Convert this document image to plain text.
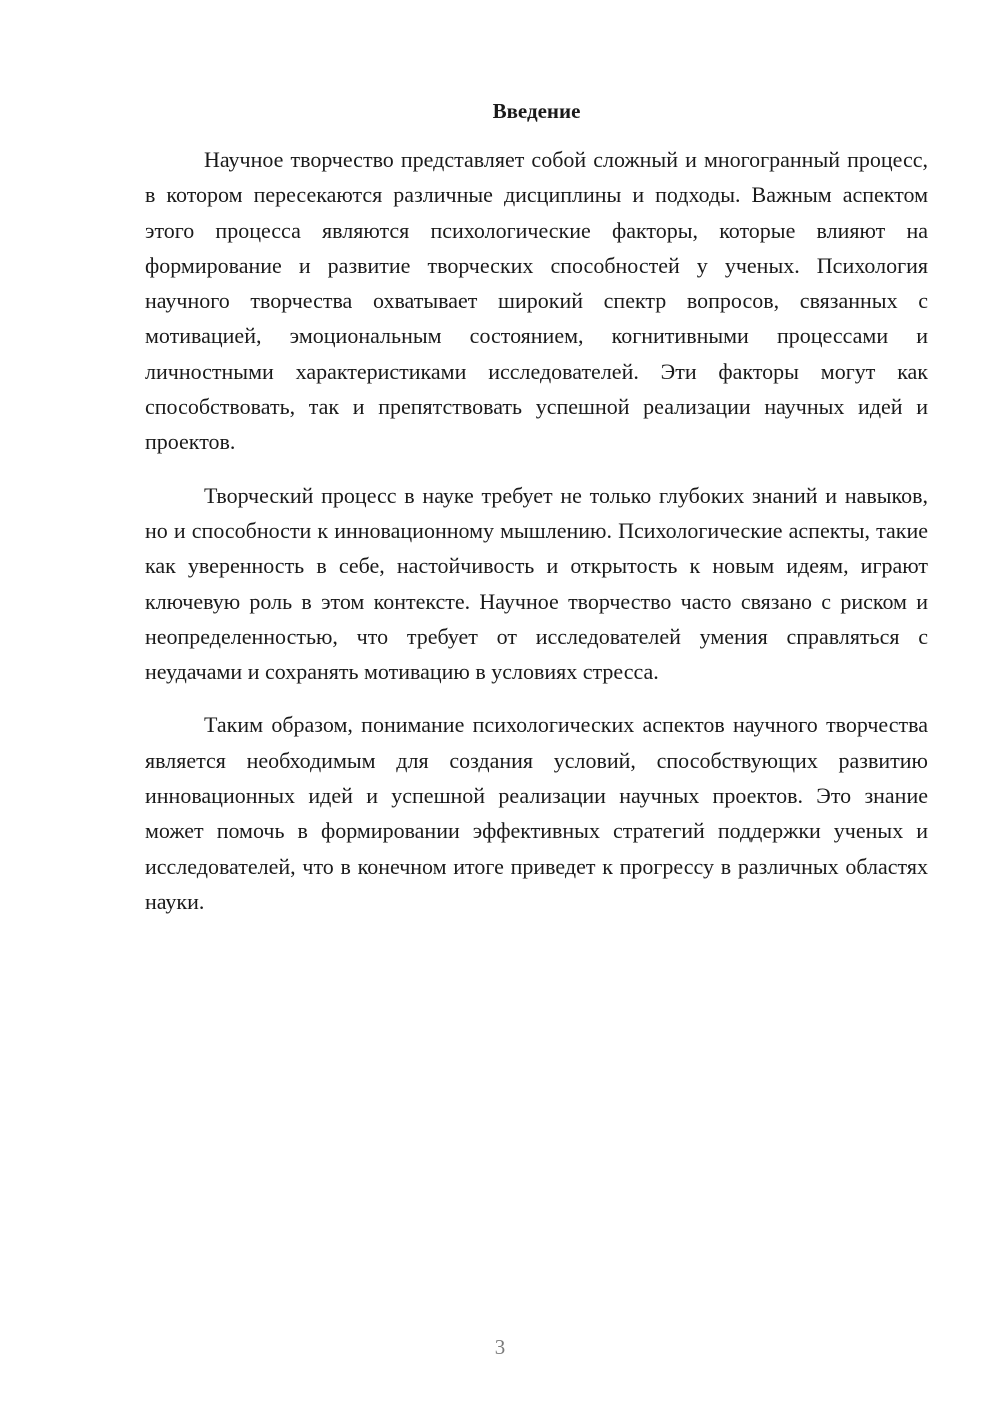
Введение

Научное творчество представляет собой сложный и многогранный процесс, в котором пересекаются различные дисциплины и подходы. Важным аспектом этого процесса являются психологические факторы, которые влияют на формирование и развитие творческих способностей у ученых. Психология научного творчества охватывает широкий спектр вопросов, связанных с мотивацией, эмоциональным состоянием, когнитивными процессами и личностными характеристиками исследователей. Эти факторы могут как способствовать, так и препятствовать успешной реализации научных идей и проектов.

Творческий процесс в науке требует не только глубоких знаний и навыков, но и способности к инновационному мышлению. Психологические аспекты, такие как уверенность в себе, настойчивость и открытость к новым идеям, играют ключевую роль в этом контексте. Научное творчество часто связано с риском и неопределенностью, что требует от исследователей умения справляться с неудачами и сохранять мотивацию в условиях стресса.

Таким образом, понимание психологических аспектов научного творчества является необходимым для создания условий, способствующих развитию инновационных идей и успешной реализации научных проектов. Это знание может помочь в формировании эффективных стратегий поддержки ученых и исследователей, что в конечном итоге приведет к прогрессу в различных областях науки.

3
